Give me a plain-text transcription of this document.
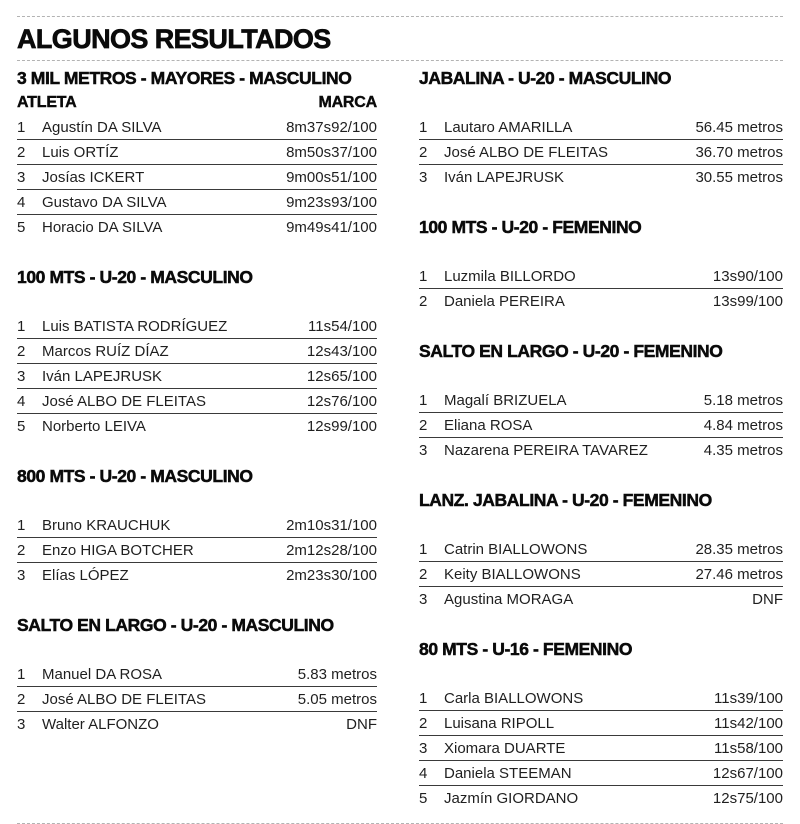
ALGUNOS RESULTADOS
3 MIL METROS - MAYORES - MASCULINO
ATLETA	MARCA
1	Agustín DA SILVA	8m37s92/100
2	Luis ORTÍZ	8m50s37/100
3	Josías ICKERT	9m00s51/100
4	Gustavo DA SILVA	9m23s93/100
5	Horacio DA SILVA	9m49s41/100
100 MTS - U-20 - MASCULINO
1	Luis BATISTA RODRÍGUEZ	11s54/100
2	Marcos RUÍZ DÍAZ	12s43/100
3	Iván LAPEJRUSK	12s65/100
4	José ALBO DE FLEITAS	12s76/100
5	Norberto LEIVA	12s99/100
800 MTS - U-20 - MASCULINO
1	Bruno KRAUCHUK	2m10s31/100
2	Enzo HIGA BOTCHER	2m12s28/100
3	Elías LÓPEZ	2m23s30/100
SALTO EN LARGO - U-20 - MASCULINO
1	Manuel DA ROSA	5.83 metros
2	José ALBO DE FLEITAS	5.05 metros
3	Walter ALFONZO	DNF
JABALINA - U-20 - MASCULINO
1	Lautaro AMARILLA	56.45 metros
2	José ALBO DE FLEITAS	36.70 metros
3	Iván LAPEJRUSK	30.55 metros
100 MTS - U-20 - FEMENINO
1	Luzmila BILLORDO	13s90/100
2	Daniela PEREIRA	13s99/100
SALTO EN LARGO - U-20 - FEMENINO
1	Magalí BRIZUELA	5.18 metros
2	Eliana ROSA	4.84 metros
3	Nazarena PEREIRA TAVAREZ	4.35 metros
LANZ. JABALINA - U-20 - FEMENINO
1	Catrin BIALLOWONS	28.35 metros
2	Keity BIALLOWONS	27.46 metros
3	Agustina MORAGA	DNF
80 MTS - U-16 - FEMENINO
1	Carla BIALLOWONS	11s39/100
2	Luisana RIPOLL	11s42/100
3	Xiomara DUARTE	11s58/100
4	Daniela STEEMAN	12s67/100
5	Jazmín GIORDANO	12s75/100
